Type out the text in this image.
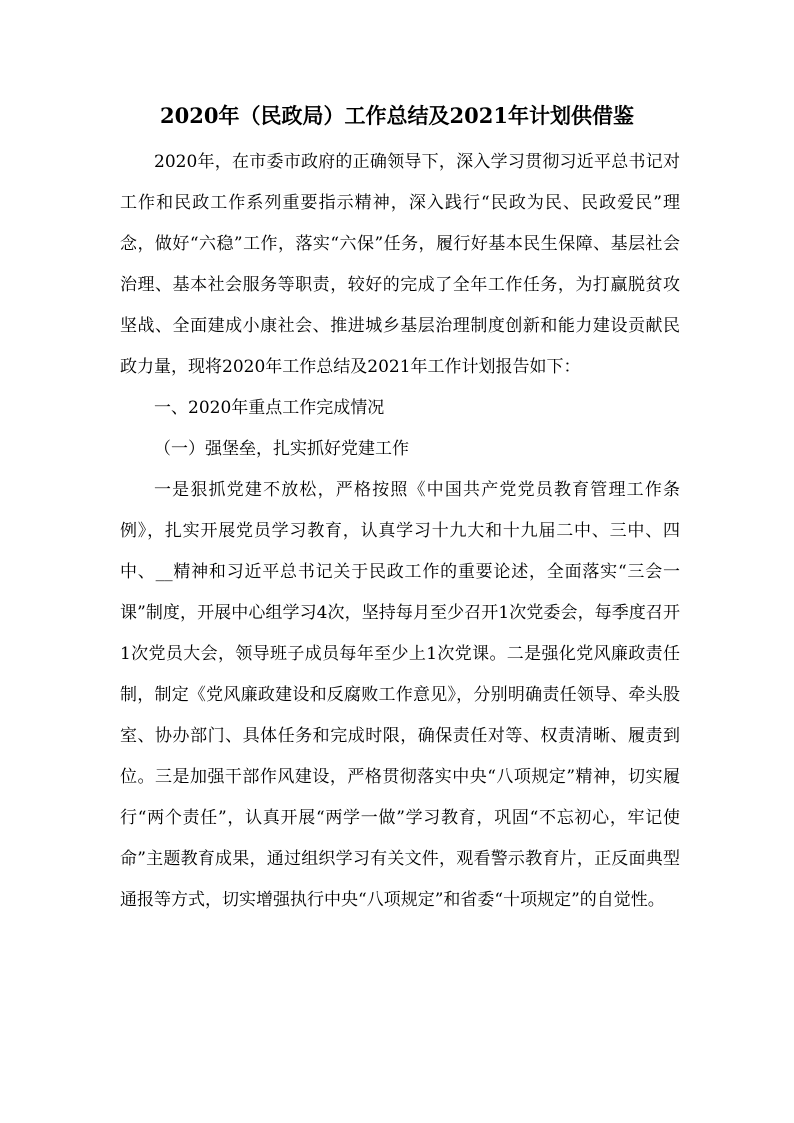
2020年（民政局）工作总结及2021年计划供借鉴

2020年，在市委市政府的正确领导下，深入学习贯彻习近平总书记对工作和民政工作系列重要指示精神，深入践行“民政为民、民政爱民”理念，做好“六稳”工作，落实“六保”任务，履行好基本民生保障、基层社会治理、基本社会服务等职责，较好的完成了全年工作任务，为打赢脱贫攻坚战、全面建成小康社会、推进城乡基层治理制度创新和能力建设贡献民政力量，现将2020年工作总结及2021年工作计划报告如下：

一、2020年重点工作完成情况

（一）强堡垒，扎实抓好党建工作

一是狠抓党建不放松，严格按照《中国共产党党员教育管理工作条例》，扎实开展党员学习教育，认真学习十九大和十九届二中、三中、四中、__精神和习近平总书记关于民政工作的重要论述，全面落实“三会一课”制度，开展中心组学习4次，坚持每月至少召开1次党委会，每季度召开1次党员大会，领导班子成员每年至少上1次党课。二是强化党风廉政责任制，制定《党风廉政建设和反腐败工作意见》，分别明确责任领导、牵头股室、协办部门、具体任务和完成时限，确保责任对等、权责清晰、履责到位。三是加强干部作风建设，严格贯彻落实中央“八项规定”精神，切实履行“两个责任”，认真开展“两学一做”学习教育，巩固“不忘初心，牢记使命”主题教育成果，通过组织学习有关文件，观看警示教育片，正反面典型通报等方式，切实增强执行中央“八项规定”和省委“十项规定”的自觉性。
